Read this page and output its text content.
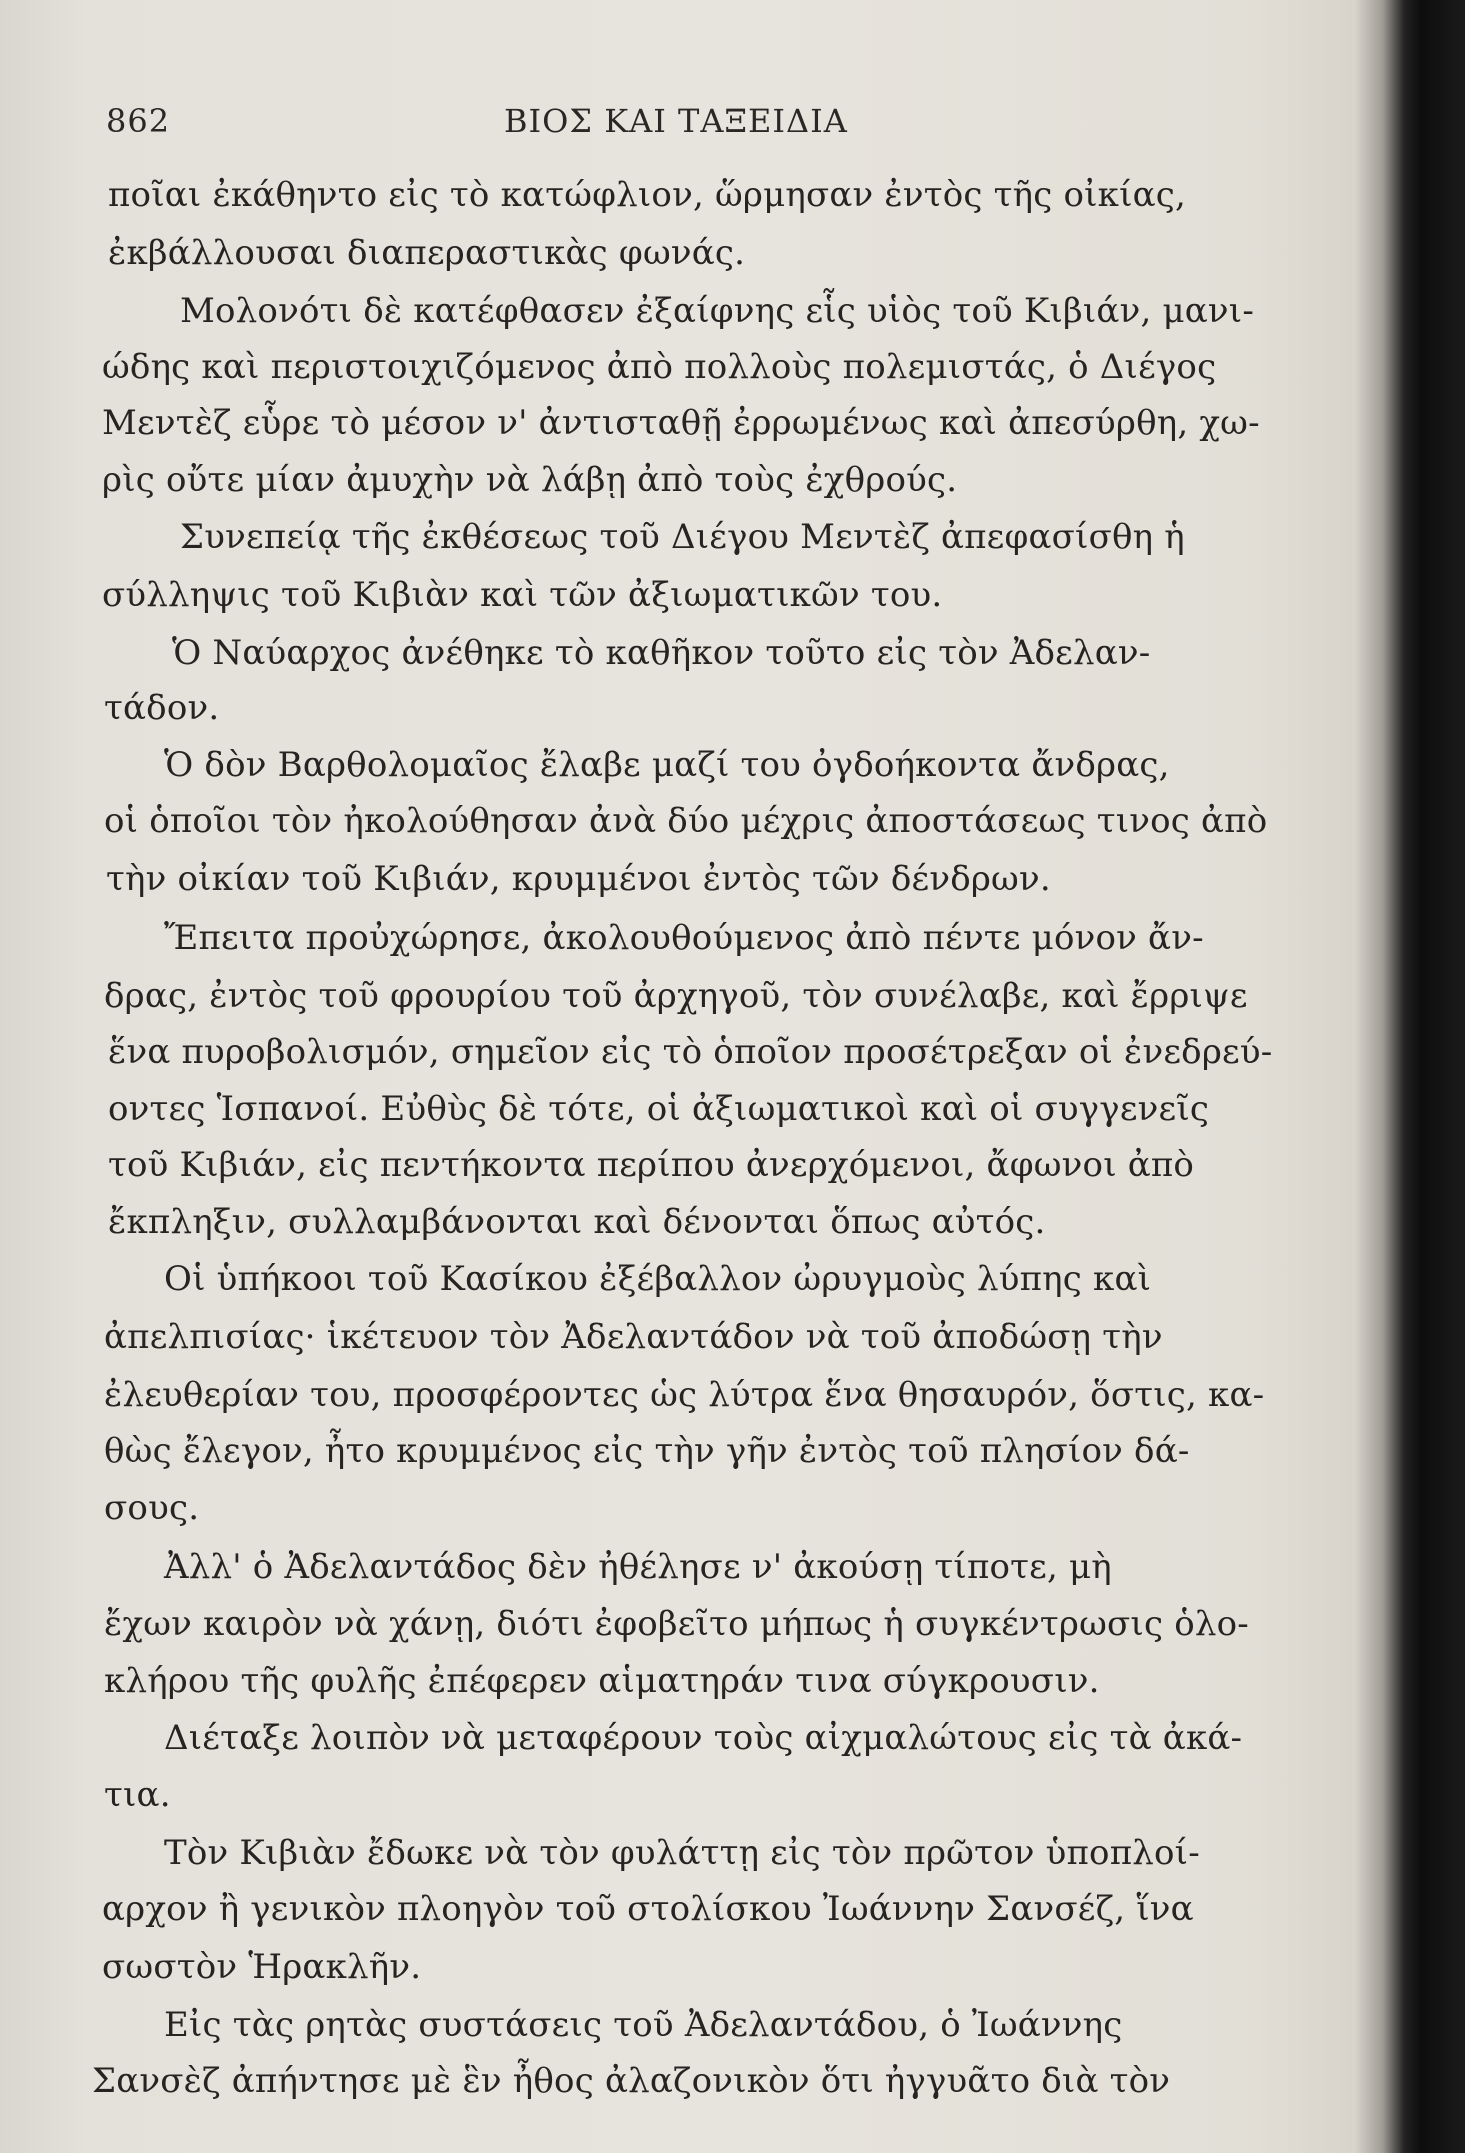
862	ΒΙΟΣ ΚΑΙ ΤΑΞΕΙΔΙΑ
ποῖαι ἐκάθηντο εἰς τὸ κατώφλιον, ὥρμησαν ἐντὸς τῆς οἰκίας,
ἐκβάλλουσαι διαπεραστικὰς φωνάς.
Μολονότι δὲ κατέφθασεν ἐξαίφνης εἷς υἱὸς τοῦ Κιβιάν, μανι-
ώδης καὶ περιστοιχιζόμενος ἀπὸ πολλοὺς πολεμιστάς, ὁ Διέγος
Μεντὲζ εὗρε τὸ μέσον ν' ἀντισταθῇ ἐρρωμένως καὶ ἀπεσύρθη, χω-
ρὶς οὔτε μίαν ἀμυχὴν νὰ λάβῃ ἀπὸ τοὺς ἐχθρούς.
Συνεπείᾳ τῆς ἐκθέσεως τοῦ Διέγου Μεντὲζ ἀπεφασίσθη ἡ
σύλληψις τοῦ Κιβιὰν καὶ τῶν ἀξιωματικῶν του.
Ὁ Ναύαρχος ἀνέθηκε τὸ καθῆκον τοῦτο εἰς τὸν Ἀδελαν-
τάδον.
Ὁ δὸν Βαρθολομαῖος ἔλαβε μαζί του ὀγδοήκοντα ἄνδρας,
οἱ ὁποῖοι τὸν ἠκολούθησαν ἀνὰ δύο μέχρις ἀποστάσεως τινος ἀπὸ
τὴν οἰκίαν τοῦ Κιβιάν, κρυμμένοι ἐντὸς τῶν δένδρων.
Ἔπειτα προὐχώρησε, ἀκολουθούμενος ἀπὸ πέντε μόνον ἄν-
δρας, ἐντὸς τοῦ φρουρίου τοῦ ἀρχηγοῦ, τὸν συνέλαβε, καὶ ἔρριψε
ἕνα πυροβολισμόν, σημεῖον εἰς τὸ ὁποῖον προσέτρεξαν οἱ ἐνεδρεύ-
οντες Ἱσπανοί. Εὐθὺς δὲ τότε, οἱ ἀξιωματικοὶ καὶ οἱ συγγενεῖς
τοῦ Κιβιάν, εἰς πεντήκοντα περίπου ἀνερχόμενοι, ἄφωνοι ἀπὸ
ἔκπληξιν, συλλαμβάνονται καὶ δένονται ὅπως αὐτός.
Οἱ ὑπήκοοι τοῦ Κασίκου ἐξέβαλλον ὠρυγμοὺς λύπης καὶ
ἀπελπισίας· ἱκέτευον τὸν Ἀδελαντάδον νὰ τοῦ ἀποδώσῃ τὴν
ἐλευθερίαν του, προσφέροντες ὡς λύτρα ἕνα θησαυρόν, ὅστις, κα-
θὼς ἔλεγον, ἦτο κρυμμένος εἰς τὴν γῆν ἐντὸς τοῦ πλησίον δά-
σους.
Ἀλλ' ὁ Ἀδελαντάδος δὲν ἠθέλησε ν' ἀκούσῃ τίποτε, μὴ
ἔχων καιρὸν νὰ χάνῃ, διότι ἐφοβεῖτο μήπως ἡ συγκέντρωσις ὁλο-
κλήρου τῆς φυλῆς ἐπέφερεν αἱματηράν τινα σύγκρουσιν.
Διέταξε λοιπὸν νὰ μεταφέρουν τοὺς αἰχμαλώτους εἰς τὰ ἀκά-
τια.
Τὸν Κιβιὰν ἔδωκε νὰ τὸν φυλάττῃ εἰς τὸν πρῶτον ὑποπλοί-
αρχον ἢ γενικὸν πλοηγὸν τοῦ στολίσκου Ἰωάννην Σανσέζ, ἵνα
σωστὸν Ἡρακλῆν.
Εἰς τὰς ρητὰς συστάσεις τοῦ Ἀδελαντάδου, ὁ Ἰωάννης
Σανσὲζ ἀπήντησε μὲ ἓν ἦθος ἀλαζονικὸν ὅτι ἠγγυᾶτο διὰ τὸν
